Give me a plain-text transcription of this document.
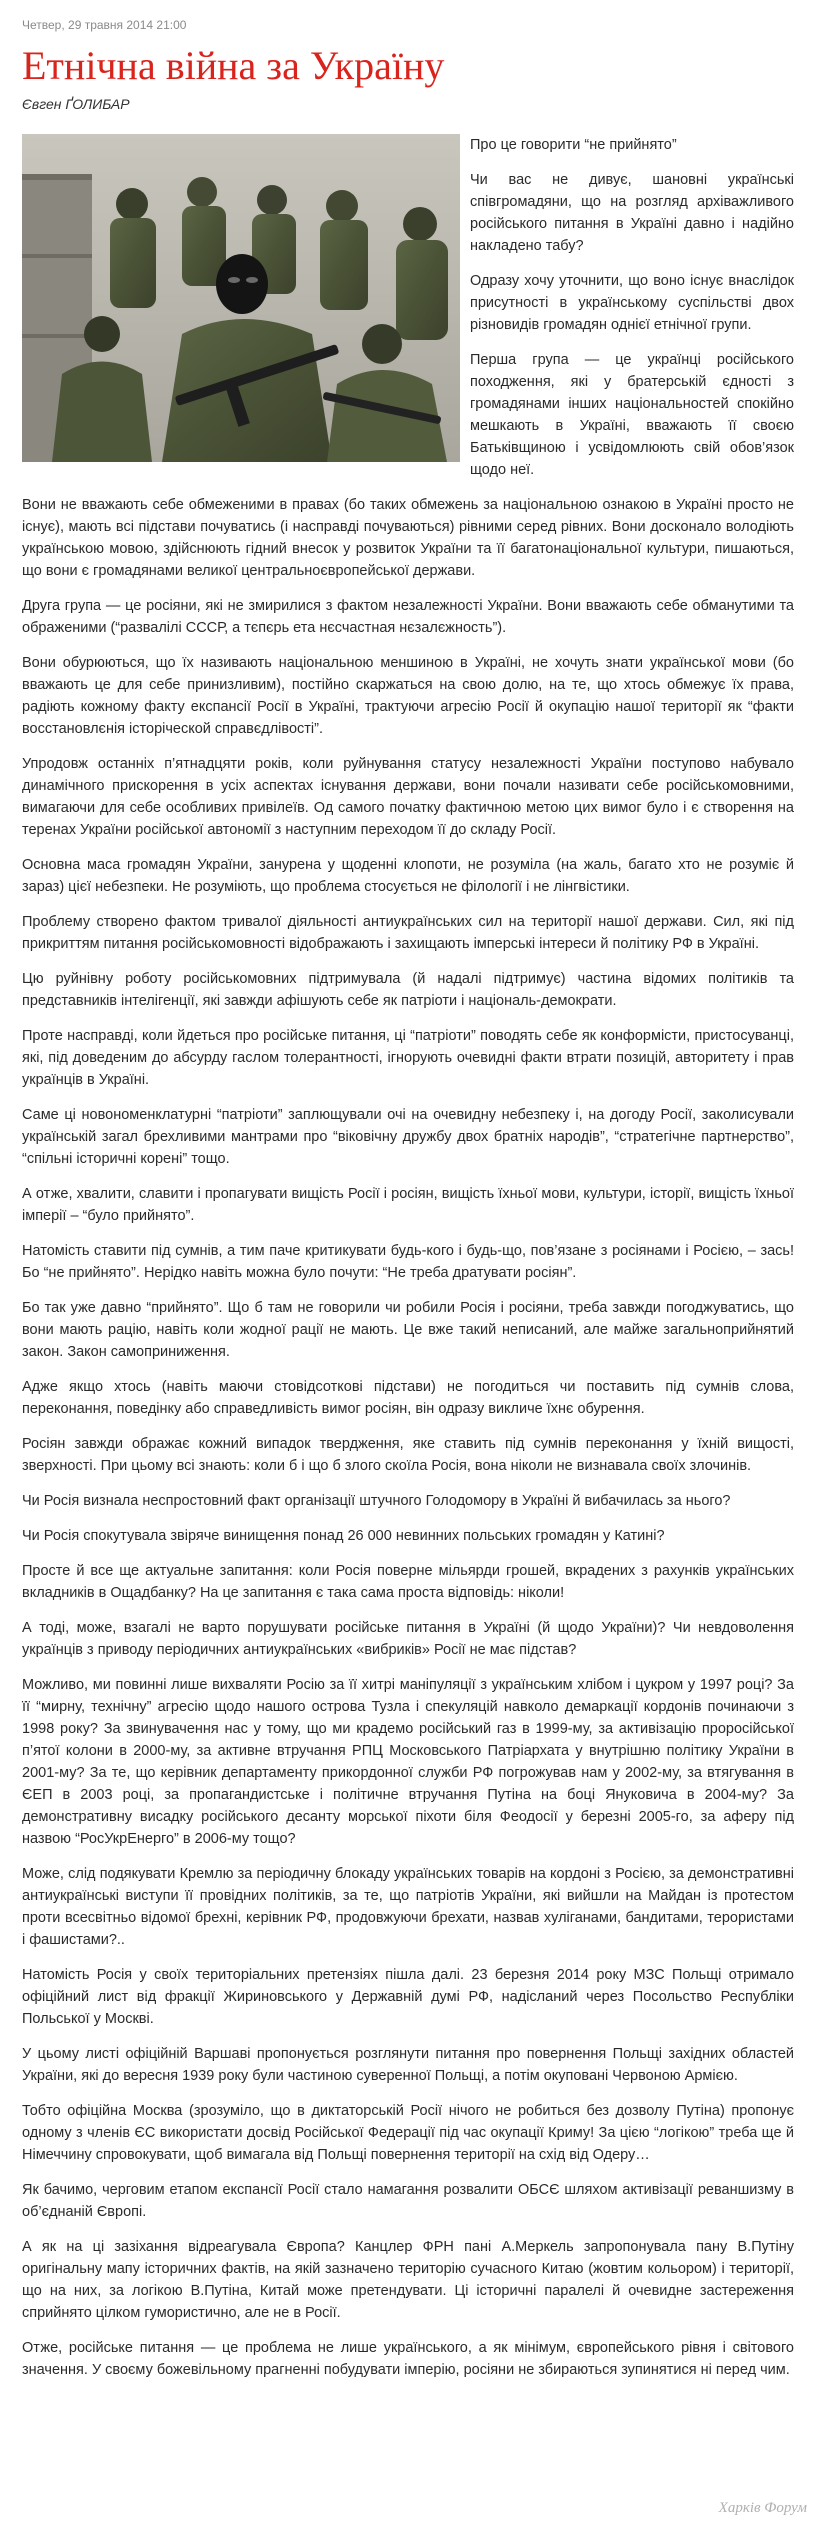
Четвер, 29 травня 2014 21:00
Етнічна війна за Україну
Євген ҐОЛИБАР

Про це говорити “не прийнято”

Чи вас не дивує, шановні українські співгромадяни, що на розгляд архіважливого російського питання в Україні давно і надійно накладено табу?

Одразу хочу уточнити, що воно існує внаслідок присутності в українському суспільстві двох різновидів громадян однієї етнічної групи.

Перша група — це українці російського походження, які у братерській єдності з громадянами інших національностей спокійно мешкають в Україні, вважають її своєю Батьківщиною і усвідомлюють свій обов’язок щодо неї.

Вони не вважають себе обмеженими в правах (бо таких обмежень за національною ознакою в Україні просто не існує), мають всі підстави почуватись (і насправді почуваються) рівними серед рівних. Вони досконало володіють українською мовою, здійснюють гідний внесок у розвиток України та її багатонаціональної культури, пишаються, що вони є громадянами великої центральноєвропейської держави.

Друга група — це росіяни, які не змирилися з фактом незалежності України. Вони вважають себе обманутими та ображеними (“развалілі СССР, а тєпєрь ета нєсчастная нєзалєжность”).

Вони обурюються, що їх називають національною меншиною в Україні, не хочуть знати української мови (бо вважають це для себе принизливим), постійно скаржаться на свою долю, на те, що хтось обмежує їх права, радіють кожному факту експансії Росії в Україні, трактуючи агресію Росії й окупацію нашої території як “факти восстановлєнія історіческой справєдлівості”.

Упродовж останніх п’ятнадцяти років, коли руйнування статусу незалежності України поступово набувало динамічного прискорення в усіх аспектах існування держави, вони почали називати себе російськомовними, вимагаючи для себе особливих привілеїв. Од самого початку фактичною метою цих вимог було і є створення на теренах України російської автономії з наступним переходом її до складу Росії.

Основна маса громадян України, занурена у щоденні клопоти, не розуміла (на жаль, багато хто не розуміє й зараз) цієї небезпеки. Не розуміють, що проблема стосується не філології і не лінгвістики.

Проблему створено фактом тривалої діяльності антиукраїнських сил на території нашої держави. Сил, які під прикриттям питання російськомовності відображають і захищають імперські інтереси й політику РФ в Україні.

Цю руйнівну роботу російськомовних підтримувала (й надалі підтримує) частина відомих політиків та представників інтелігенції, які завжди афішують себе як патріоти і національ-демократи.

Проте насправді, коли йдеться про російське питання, ці “патріоти” поводять себе як конформісти, пристосуванці, які, під доведеним до абсурду гаслом толерантності, ігнорують очевидні факти втрати позицій, авторитету і прав українців в Україні.

Саме ці новономенклатурні “патріоти” заплющували очі на очевидну небезпеку і, на догоду Росії, заколисували українській загал брехливими мантрами про “віковічну дружбу двох братніх народів”, “стратегічне партнерство”, “спільні історичні корені” тощо.

А отже, хвалити, славити і пропагувати вищість Росії і росіян, вищість їхньої мови, культури, історії, вищість їхньої імперії – “було прийнято”.

Натомість ставити під сумнів, а тим паче критикувати будь-кого і будь-що, пов’язане з росіянами і Росією, – зась! Бо “не прийнято”. Нерідко навіть можна було почути: “Не треба дратувати росіян”.

Бо так уже давно “прийнято”. Що б там не говорили чи робили Росія і росіяни, треба завжди погоджуватись, що вони мають рацію, навіть коли жодної рації не мають. Це вже такий неписаний, але майже загальноприйнятий закон. Закон самоприниження.

Адже якщо хтось (навіть маючи стовідсоткові підстави) не погодиться чи поставить під сумнів слова, переконання, поведінку або справедливість вимог росіян, він одразу викличе їхнє обурення.

Росіян завжди ображає кожний випадок твердження, яке ставить під сумнів переконання у їхній вищості, зверхності. При цьому всі знають: коли б і що б злого скоїла Росія, вона ніколи не визнавала своїх злочинів.

Чи Росія визнала неспростовний факт організації штучного Голодомору в Україні й вибачилась за нього?

Чи Росія спокутувала звіряче винищення понад 26 000 невинних польських громадян у Катині?

Просте й все ще актуальне запитання: коли Росія поверне мільярди грошей, вкрадених з рахунків українських вкладників в Ощадбанку? На це запитання є така сама проста відповідь: ніколи!

А тоді, може, взагалі не варто порушувати російське питання в Україні (й щодо України)? Чи невдоволення українців з приводу періодичних антиукраїнських «вибриків» Росії не має підстав?

Можливо, ми повинні лише вихваляти Росію за її хитрі маніпуляції з українським хлібом і цукром у 1997 році? За її “мирну, технічну” агресію щодо нашого острова Тузла і спекуляцій навколо демаркації кордонів починаючи з 1998 року? За звинувачення нас у тому, що ми крадемо російський газ в 1999-му, за активізацію проросійської п’ятої колони в 2000-му, за активне втручання РПЦ Московського Патріархата у внутрішню політику України в 2001-му? За те, що керівник департаменту прикордонної служби РФ погрожував нам у 2002-му, за втягування в ЄЕП в 2003 році, за пропагандистське і політичне втручання Путіна на боці Януковича в 2004-му? За демонстративну висадку російського десанту морської піхоти біля Феодосії у березні 2005-го, за аферу під назвою “РосУкрЕнерго” в 2006-му тощо?

Може, слід подякувати Кремлю за періодичну блокаду українських товарів на кордоні з Росією, за демонстративні антиукраїнські виступи її провідних політиків, за те, що патріотів України, які вийшли на Майдан із протестом проти всесвітньо відомої брехні, керівник РФ, продовжуючи брехати, назвав хуліганами, бандитами, терористами і фашистами?..

Натомість Росія у своїх територіальних претензіях пішла далі. 23 березня 2014 року МЗС Польщі отримало офіційний лист від фракції Жириновського у Державній думі РФ, надісланий через Посольство Республіки Польської у Москві.

У цьому листі офіційній Варшаві пропонується розглянути питання про повернення Польщі західних областей України, які до вересня 1939 року були частиною суверенної Польщі, а потім окуповані Червоною Армією.

Тобто офіційна Москва (зрозуміло, що в диктаторській Росії нічого не робиться без дозволу Путіна) пропонує одному з членів ЄС використати досвід Російської Федерації під час окупації Криму! За цією “логікою” треба ще й Німеччину спровокувати, щоб вимагала від Польщі повернення території на схід від Одеру…

Як бачимо, черговим етапом експансії Росії стало намагання розвалити ОБСЄ шляхом активізації реваншизму в об’єднаній Європі.

А як на ці зазіхання відреагувала Європа? Канцлер ФРН пані А.Меркель запропонувала пану В.Путіну оригінальну мапу історичних фактів, на якій зазначено територію сучасного Китаю (жовтим кольором) і території, що на них, за логікою В.Путіна, Китай може претендувати. Ці історичні паралелі й очевидне застереження сприйнято цілком гумористично, але не в Росії.

Отже, російське питання — це проблема не лише українського, а як мінімум, європейського рівня і світового значення. У своєму божевільному прагненні побудувати імперію, росіяни не збираються зупинятися ні перед чим.

Харків Форум
